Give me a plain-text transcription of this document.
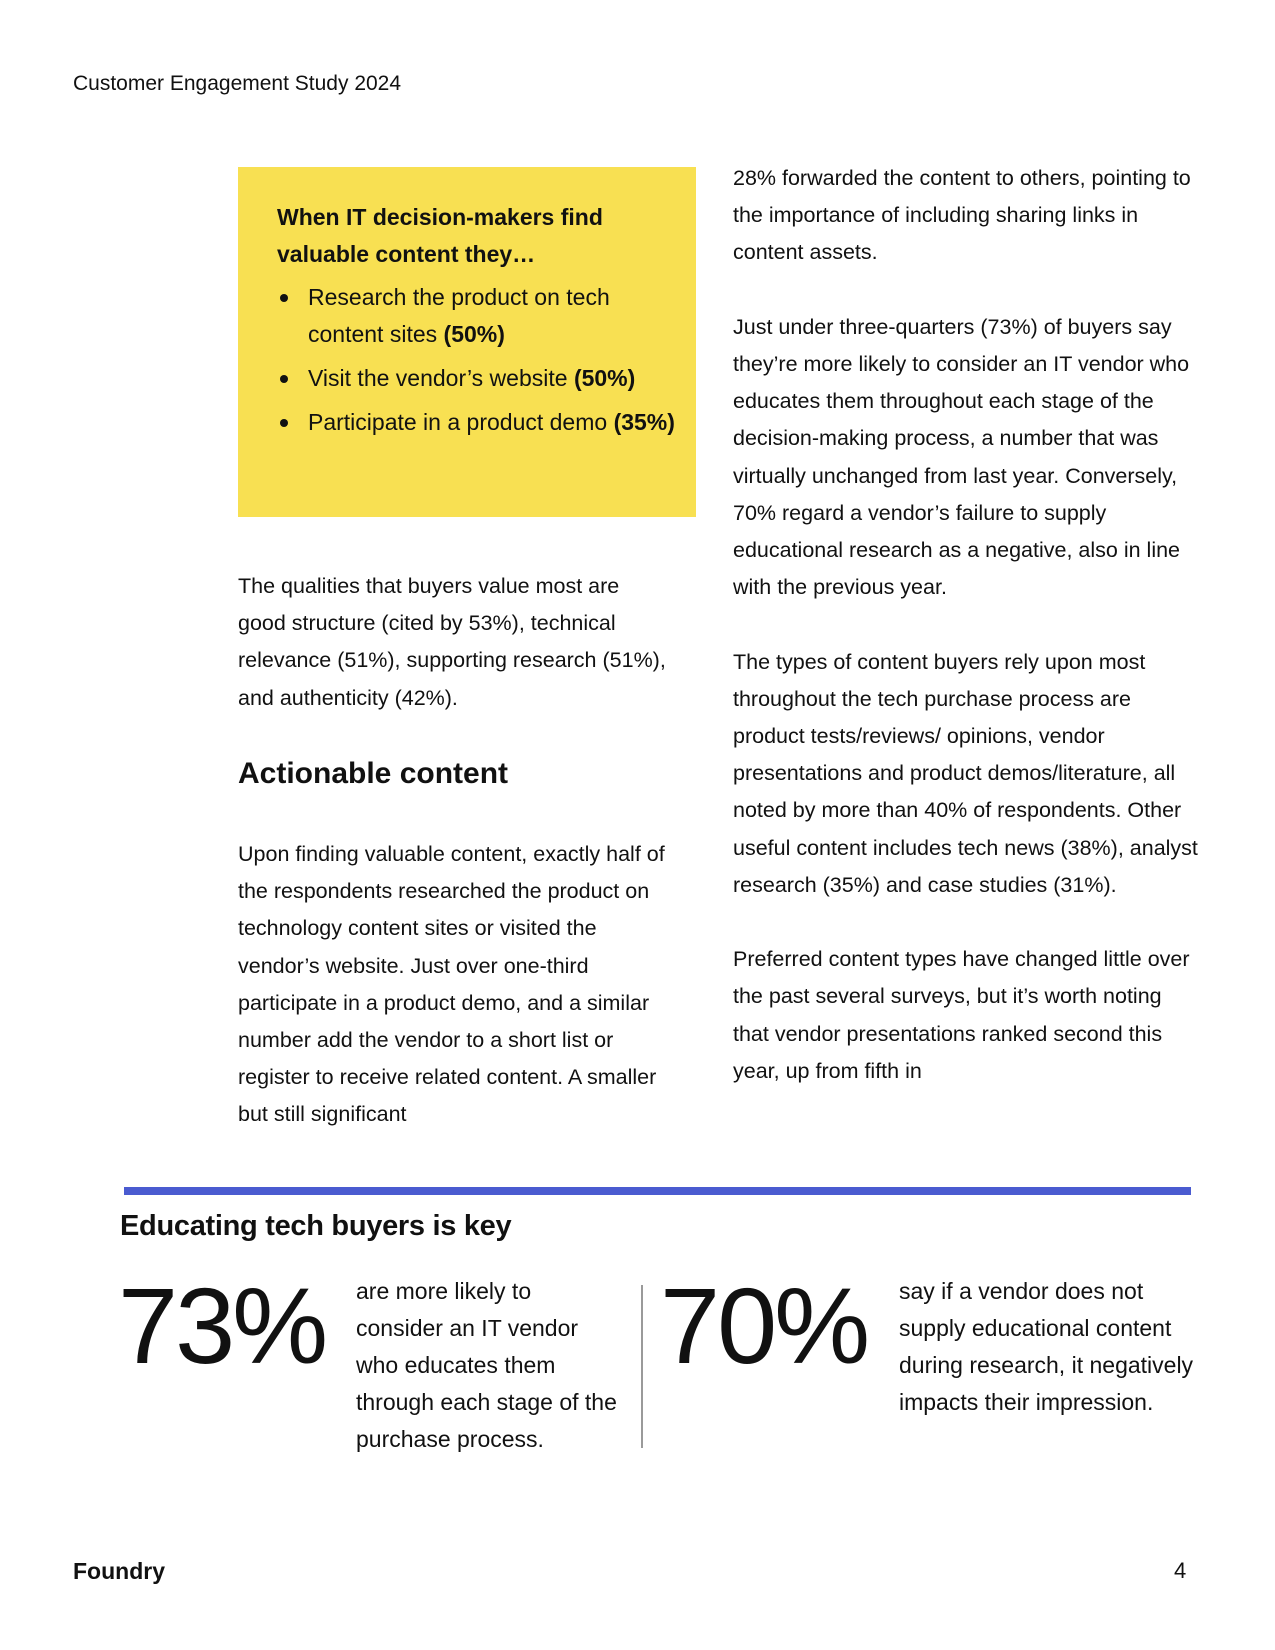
Customer Engagement Study 2024
When IT decision-makers find valuable content they…
Research the product on tech content sites (50%)
Visit the vendor’s website (50%)
Participate in a product demo (35%)

The qualities that buyers value most are good structure (cited by 53%), technical relevance (51%), supporting research (51%), and authenticity (42%).

Actionable content

Upon finding valuable content, exactly half of the respondents researched the product on technology content sites or visited the vendor’s website. Just over one-third participate in a product demo, and a similar number add the vendor to a short list or register to receive related content. A smaller but still significant

28% forwarded the content to others, pointing to the importance of including sharing links in content assets.

Just under three-quarters (73%) of buyers say they’re more likely to consider an IT vendor who educates them throughout each stage of the decision-making process, a number that was virtually unchanged from last year. Conversely, 70% regard a vendor’s failure to supply educational research as a negative, also in line with the previous year.

The types of content buyers rely upon most throughout the tech purchase process are product tests/reviews/ opinions, vendor presentations and product demos/literature, all noted by more than 40% of respondents. Other useful content includes tech news (38%), analyst research (35%) and case studies (31%).

Preferred content types have changed little over the past several surveys, but it’s worth noting that vendor presentations ranked second this year, up from fifth in

Educating tech buyers is key
73% are more likely to consider an IT vendor who educates them through each stage of the purchase process.
70% say if a vendor does not supply educational content during research, it negatively impacts their impression.
Foundry	4
